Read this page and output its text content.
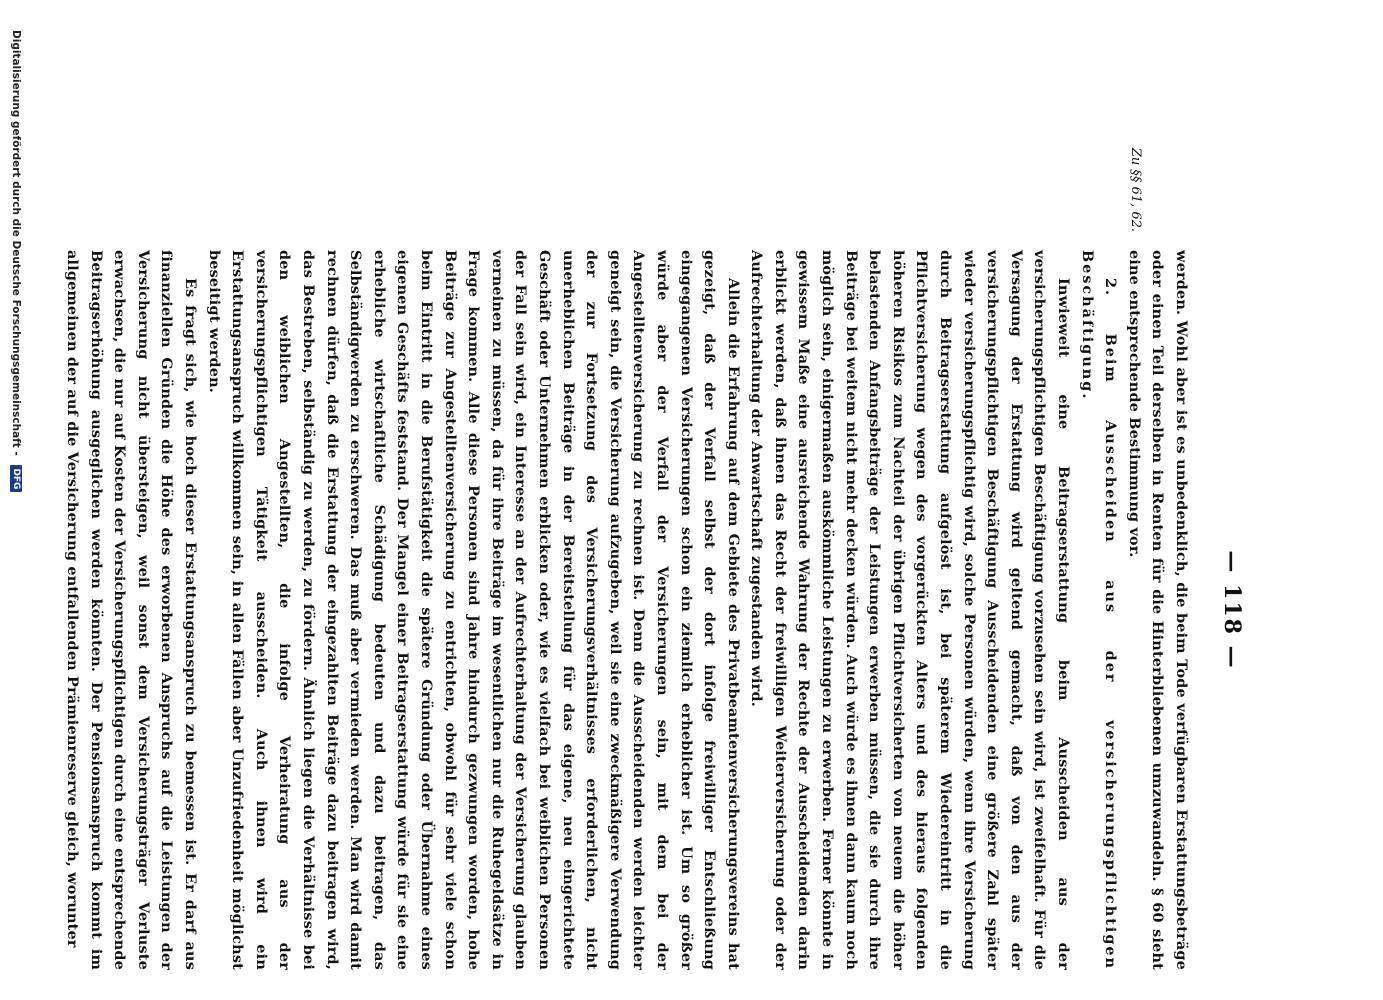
— 118 —
Zu §§ 61, 62.

werden. Wohl aber ist es unbedenklich, die beim Tode verfügbaren Erstattungsbeträge oder einen Teil derselben in Renten für die Hinterbliebenen umzuwandeln. § 60 sieht eine entsprechende Bestimmung vor.

2. Beim Ausscheiden aus der versicherungspflichtigen Beschäftigung.

Inwieweit eine Beitragserstattung beim Ausscheiden aus der versicherungspflichtigen Beschäftigung vorzusehen sein wird, ist zweifelhaft. Für die Versagung der Erstattung wird geltend gemacht, daß von den aus der versicherungspflichtigen Beschäftigung Ausscheidenden eine größere Zahl später wieder versicherungspflichtig wird, solche Personen würden, wenn ihre Versicherung durch Beitragserstattung aufgelöst ist, bei späterem Wiedereintritt in die Pflichtversicherung wegen des vorgerückten Alters und des hieraus folgenden höheren Risikos zum Nachteil der übrigen Pflichtversicherten von neuem die höher belastenden Anfangsbeiträge der Leistungen erwerben müssen, die sie durch ihre Beiträge bei weitem nicht mehr decken würden. Auch würde es ihnen dann kaum noch möglich sein, einigermaßen auskömmliche Leistungen zu erwerben. Ferner könnte in gewissem Maße eine ausreichende Wahrung der Rechte der Ausscheidenden darin erblickt werden, daß ihnen das Recht der freiwilligen Weiterversicherung oder der Aufrechterhaltung der Anwartschaft zugestanden wird.

Allein die Erfahrung auf dem Gebiete des Privatbeamtenversicherungsvereins hat gezeigt, daß der Verfall selbst der dort infolge freiwilliger Entschließung eingegangenen Versicherungen schon ein ziemlich erheblicher ist. Um so größer würde aber der Verfall der Versicherungen sein, mit dem bei der Angestelltenversicherung zu rechnen ist. Denn die Ausscheidenden werden leichter geneigt sein, die Versicherung aufzugeben, weil sie eine zweckmäßigere Verwendung der zur Fortsetzung des Versicherungsverhältnisses erforderlichen, nicht unerheblichen Beiträge in der Bereitstellung für das eigene, neu eingerichtete Geschäft oder Unternehmen erblicken oder, wie es vielfach bei weiblichen Personen der Fall sein wird, ein Interesse an der Aufrechterhaltung der Versicherung glauben verneinen zu müssen, da für ihre Beiträge im wesentlichen nur die Ruhegeldsätze in Frage kommen. Alle diese Personen sind Jahre hindurch gezwungen worden, hohe Beiträge zur Angestelltenversicherung zu entrichten, obwohl für sehr viele schon beim Eintritt in die Berufstätigkeit die spätere Gründung oder Übernahme eines eigenen Geschäfts feststand. Der Mangel einer Beitragserstattung würde für sie eine erhebliche wirtschaftliche Schädigung bedeuten und dazu beitragen, das Selbständigwerden zu erschweren. Das muß aber vermieden werden. Man wird damit rechnen dürfen, daß die Erstattung der eingezahlten Beiträge dazu beitragen wird, das Bestreben, selbständig zu werden, zu fördern. Ähnlich liegen die Verhältnisse bei den weiblichen Angestellten, die infolge Verheiratung aus der versicherungspflichtigen Tätigkeit ausscheiden. Auch ihnen wird ein Erstattungsanspruch willkommen sein, in allen Fällen aber Unzufriedenheit möglichst beseitigt werden.

Es fragt sich, wie hoch dieser Erstattungsanspruch zu bemessen ist. Er darf aus finanziellen Gründen die Höhe des erworbenen Anspruchs auf die Leistungen der Versicherung nicht übersteigen, weil sonst dem Versicherungsträger Verluste erwachsen, die nur auf Kosten der Versicherungspflichtigen durch eine entsprechende Beitragserhöhung ausgeglichen werden könnten. Der Pensionsanspruch kommt im allgemeinen der auf die Versicherung entfallenden Prämienreserve gleich, worunter

Digitalisierung gefördert durch die Deutsche Forschungsgemeinschaft - DFG
